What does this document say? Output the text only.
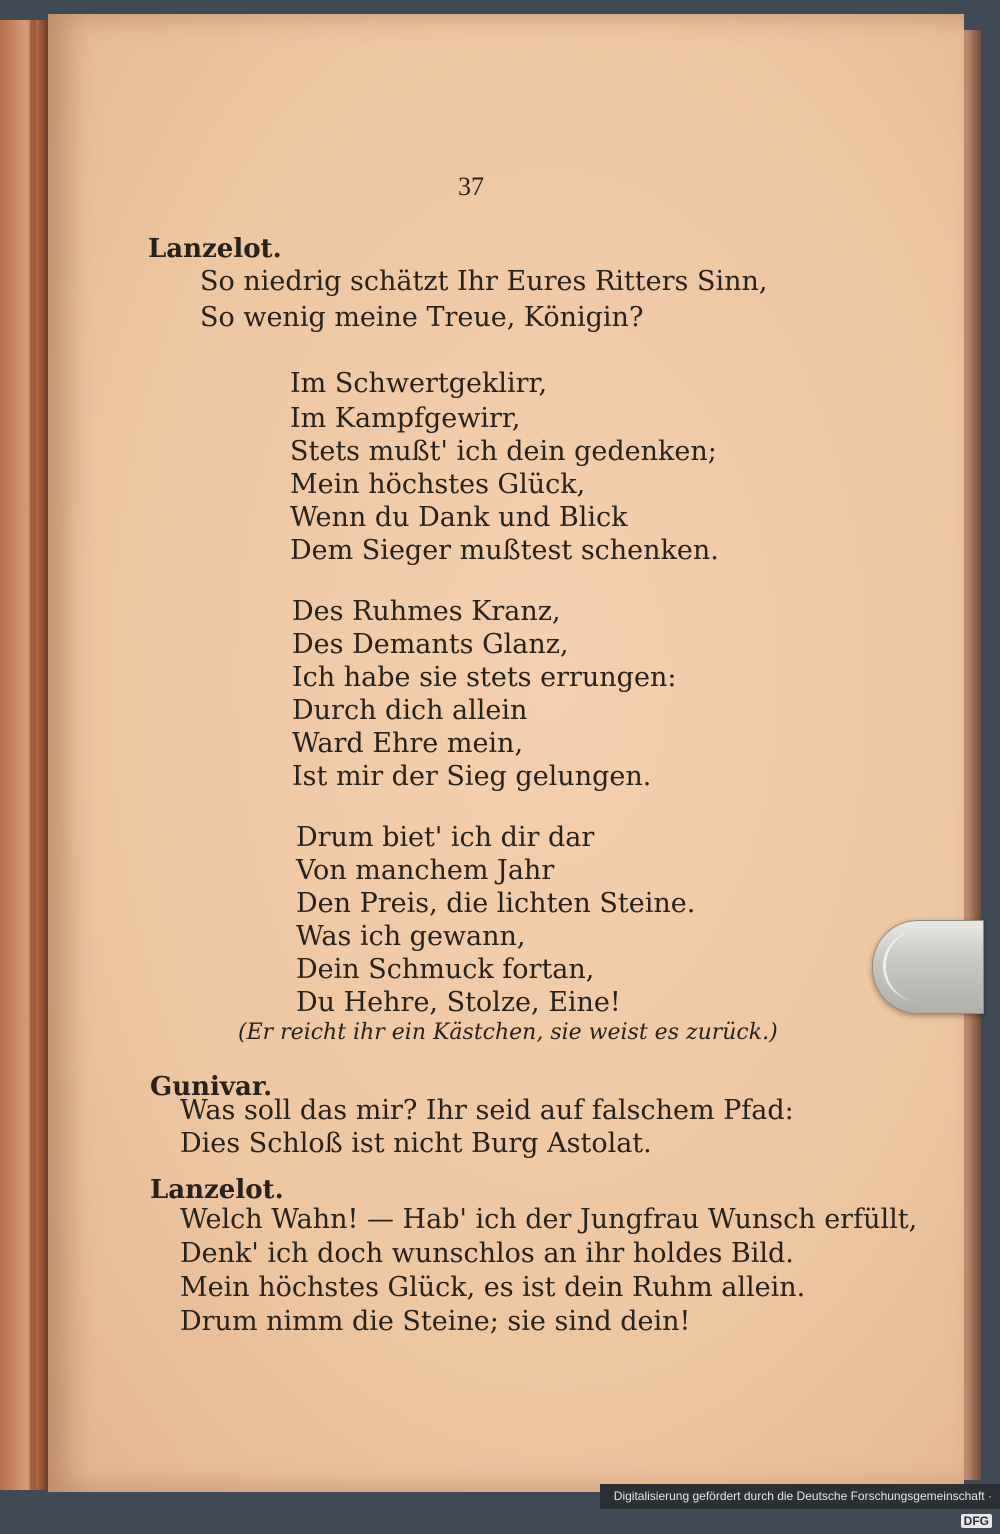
37
Lanzelot.
So niedrig schätzt Ihr Eures Ritters Sinn,
So wenig meine Treue, Königin?
Im Schwertgeklirr,
Im Kampfgewirr,
Stets mußt' ich dein gedenken;
Mein höchstes Glück,
Wenn du Dank und Blick
Dem Sieger mußtest schenken.
Des Ruhmes Kranz,
Des Demants Glanz,
Ich habe sie stets errungen:
Durch dich allein
Ward Ehre mein,
Ist mir der Sieg gelungen.
Drum biet' ich dir dar
Von manchem Jahr
Den Preis, die lichten Steine.
Was ich gewann,
Dein Schmuck fortan,
Du Hehre, Stolze, Eine!
(Er reicht ihr ein Kästchen, sie weist es zurück.)
Gunivar.
Was soll das mir? Ihr seid auf falschem Pfad:
Dies Schloß ist nicht Burg Astolat.
Lanzelot.
Welch Wahn! — Hab' ich der Jungfrau Wunsch erfüllt,
Denk' ich doch wunschlos an ihr holdes Bild.
Mein höchstes Glück, es ist dein Ruhm allein.
Drum nimm die Steine; sie sind dein!
Digitalisierung gefördert durch die Deutsche Forschungsgemeinschaft · DFG
